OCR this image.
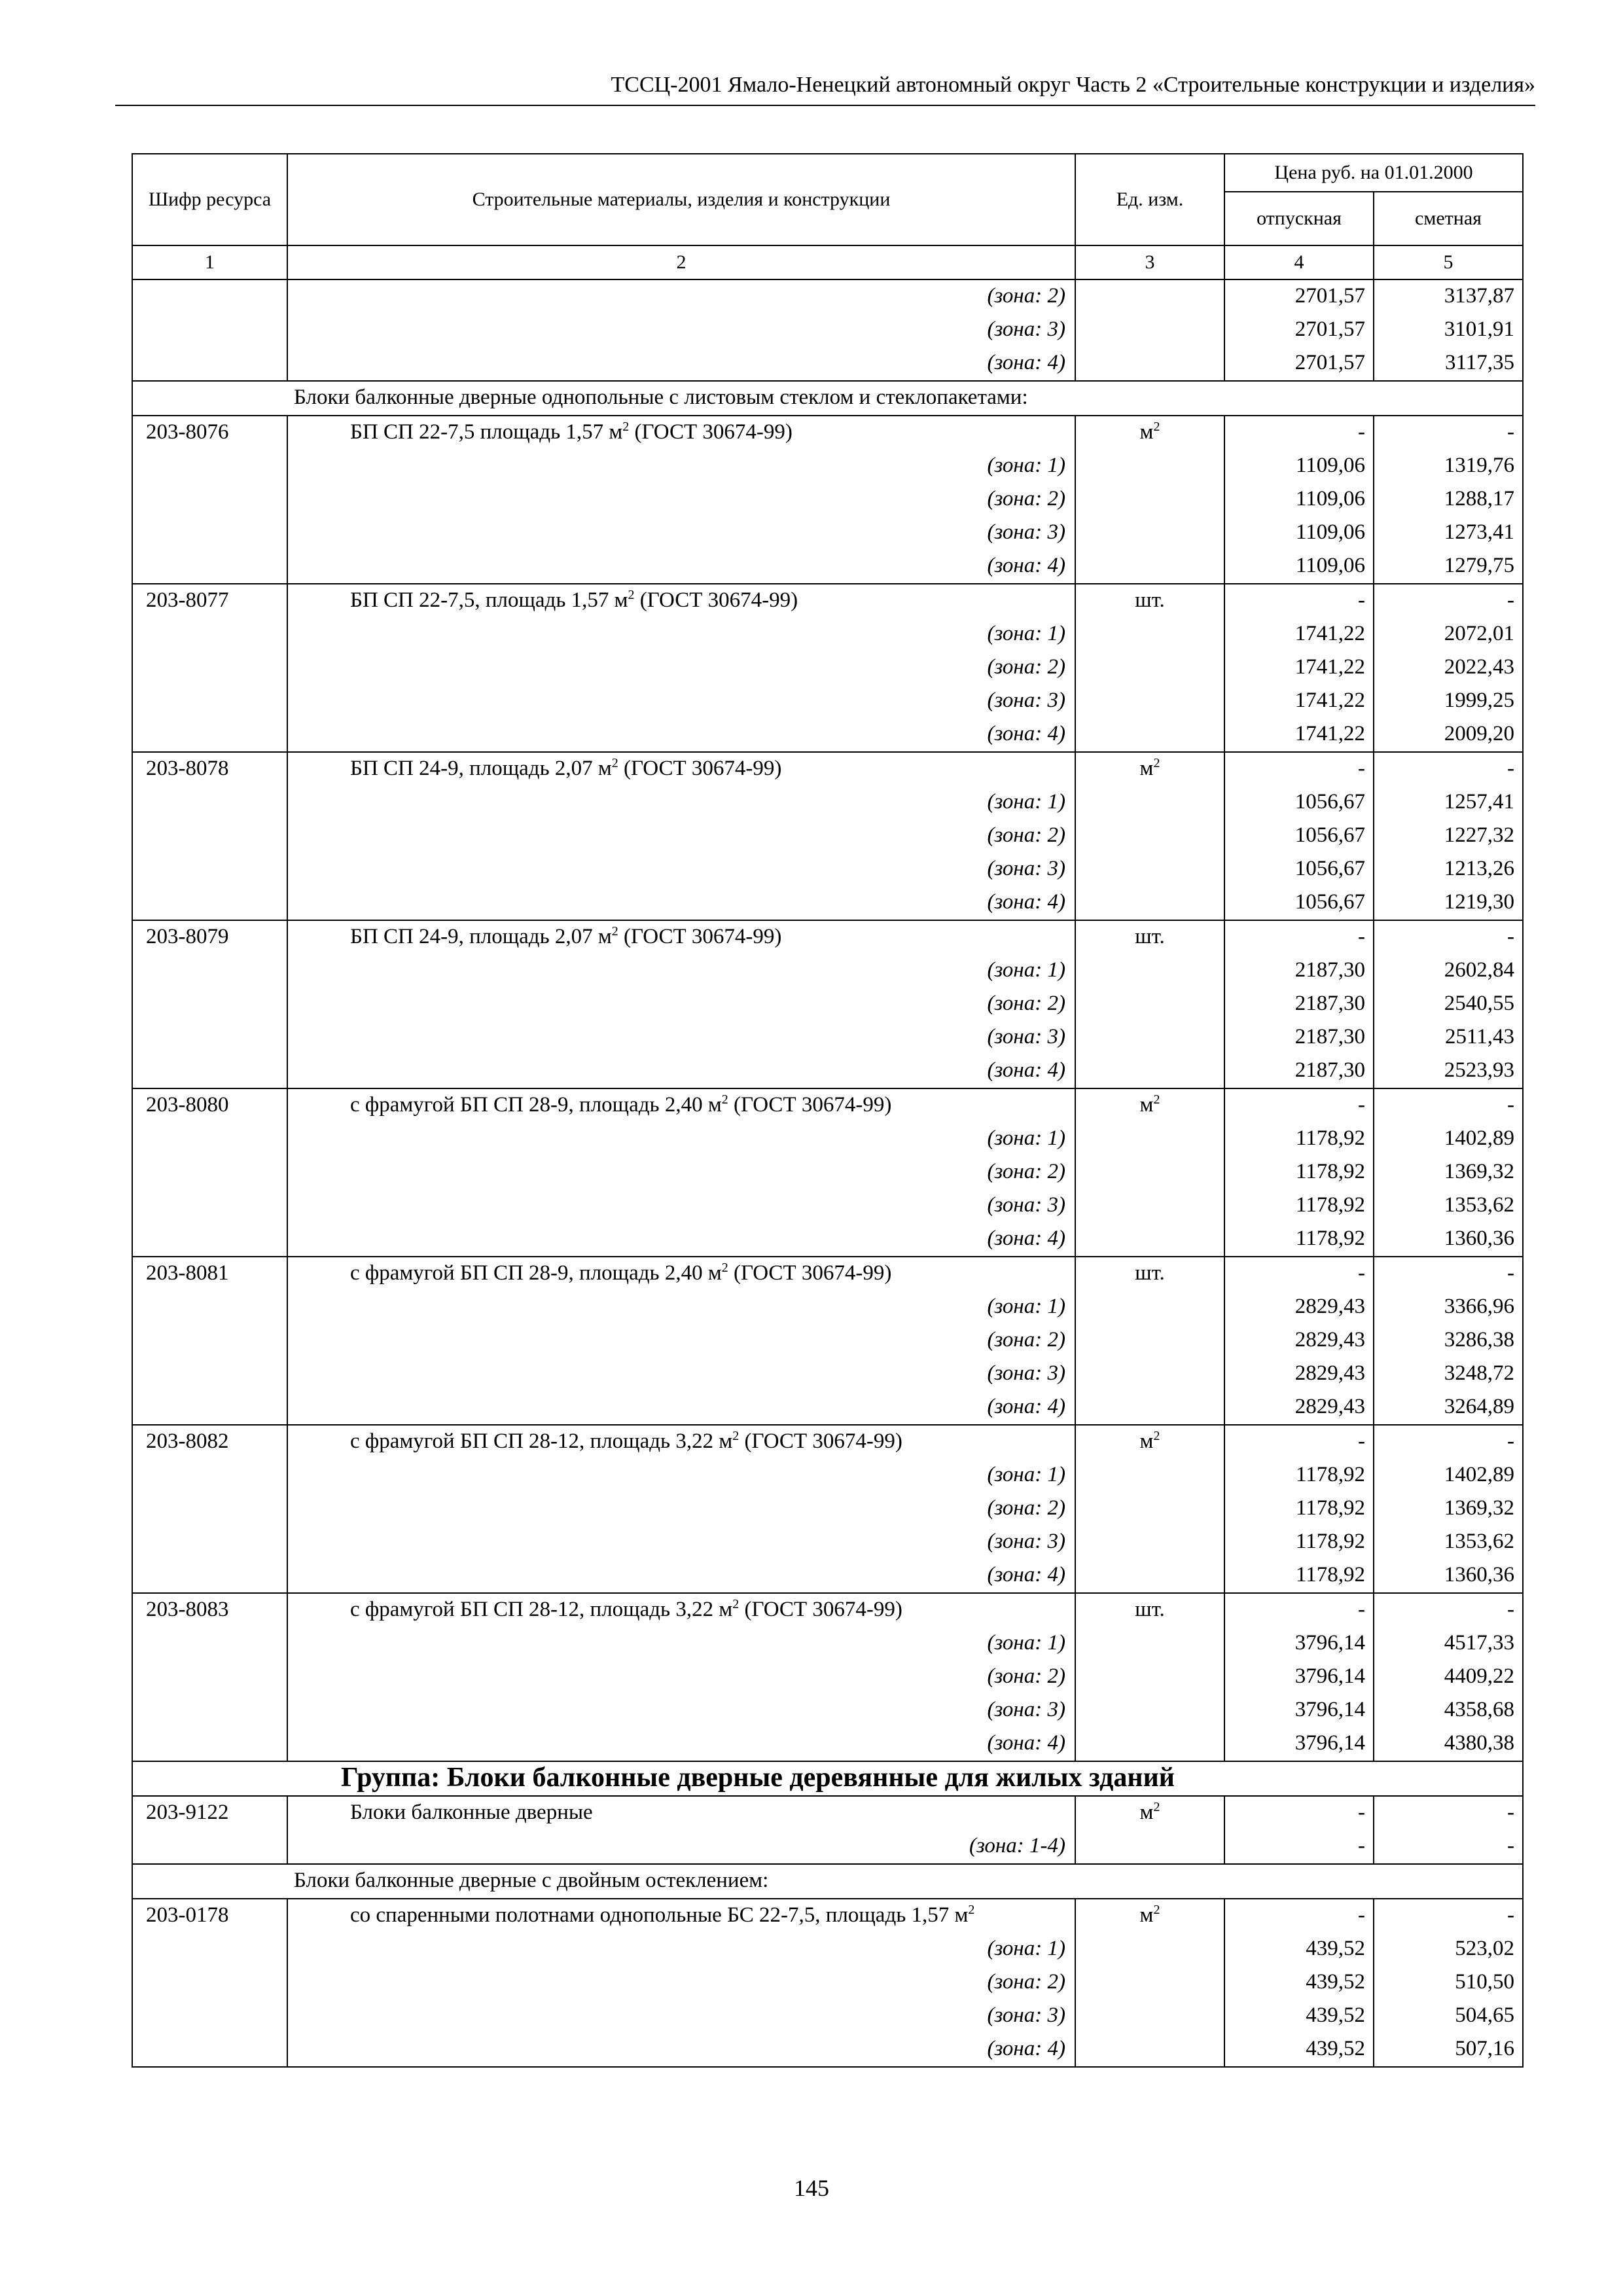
ТССЦ-2001 Ямало-Ненецкий автономный округ Часть 2 «Строительные конструкции и изделия»
Шифр ресурса	Строительные материалы, изделия и конструкции	Ед. изм.	Цена руб. на 01.01.2000	
			отпускная	сметная
1	2	3	4	5
	(зона: 2)		2701,57	3137,87
	(зона: 3)		2701,57	3101,91
	(зона: 4)		2701,57	3117,35
Блоки балконные дверные однопольные с листовым стеклом и стеклопакетами:				
203-8076	БП СП 22-7,5 площадь 1,57 $м^2$ (ГОСТ 30674-99)	$м^2$	-	-
	(зона: 1)		1109,06	1319,76
	(зона: 2)		1109,06	1288,17
	(зона: 3)		1109,06	1273,41
	(зона: 4)		1109,06	1279,75
203-8077	БП СП 22-7,5, площадь 1,57 $м^2$ (ГОСТ 30674-99)	шт.	-	-
	(зона: 1)		1741,22	2072,01
	(зона: 2)		1741,22	2022,43
	(зона: 3)		1741,22	1999,25
	(зона: 4)		1741,22	2009,20
203-8078	БП СП 24-9, площадь 2,07 $м^2$ (ГОСТ 30674-99)	$м^2$	-	-
	(зона: 1)		1056,67	1257,41
	(зона: 2)		1056,67	1227,32
	(зона: 3)		1056,67	1213,26
	(зона: 4)		1056,67	1219,30
203-8079	БП СП 24-9, площадь 2,07 $м^2$ (ГОСТ 30674-99)	шт.	-	-
	(зона: 1)		2187,30	2602,84
	(зона: 2)		2187,30	2540,55
	(зона: 3)		2187,30	2511,43
	(зона: 4)		2187,30	2523,93
203-8080	с фрамугой БП СП 28-9, площадь 2,40 $м^2$ (ГОСТ 30674-99)	$м^2$	-	-
	(зона: 1)		1178,92	1402,89
	(зона: 2)		1178,92	1369,32
	(зона: 3)		1178,92	1353,62
	(зона: 4)		1178,92	1360,36
203-8081	с фрамугой БП СП 28-9, площадь 2,40 $м^2$ (ГОСТ 30674-99)	шт.	-	-
	(зона: 1)		2829,43	3366,96
	(зона: 2)		2829,43	3286,38
	(зона: 3)		2829,43	3248,72
	(зона: 4)		2829,43	3264,89
203-8082	с фрамугой БП СП 28-12, площадь 3,22 $м^2$ (ГОСТ 30674-99)	$м^2$	-	-
	(зона: 1)		1178,92	1402,89
	(зона: 2)		1178,92	1369,32
	(зона: 3)		1178,92	1353,62
	(зона: 4)		1178,92	1360,36
203-8083	с фрамугой БП СП 28-12, площадь 3,22 $м^2$ (ГОСТ 30674-99)	шт.	-	-
	(зона: 1)		3796,14	4517,33
	(зона: 2)		3796,14	4409,22
	(зона: 3)		3796,14	4358,68
	(зона: 4)		3796,14	4380,38
Группа: Блоки балконные дверные деревянные для жилых зданий				
203-9122	Блоки балконные дверные	$м^2$	-	-
	(зона: 1-4)		-	-
Блоки балконные дверные с двойным остеклением:				
203-0178	со спаренными полотнами однопольные БС 22-7,5, площадь 1,57 $м^2$	$м^2$	-	-
	(зона: 1)		439,52	523,02
	(зона: 2)		439,52	510,50
	(зона: 3)		439,52	504,65
	(зона: 4)		439,52	507,16
145
